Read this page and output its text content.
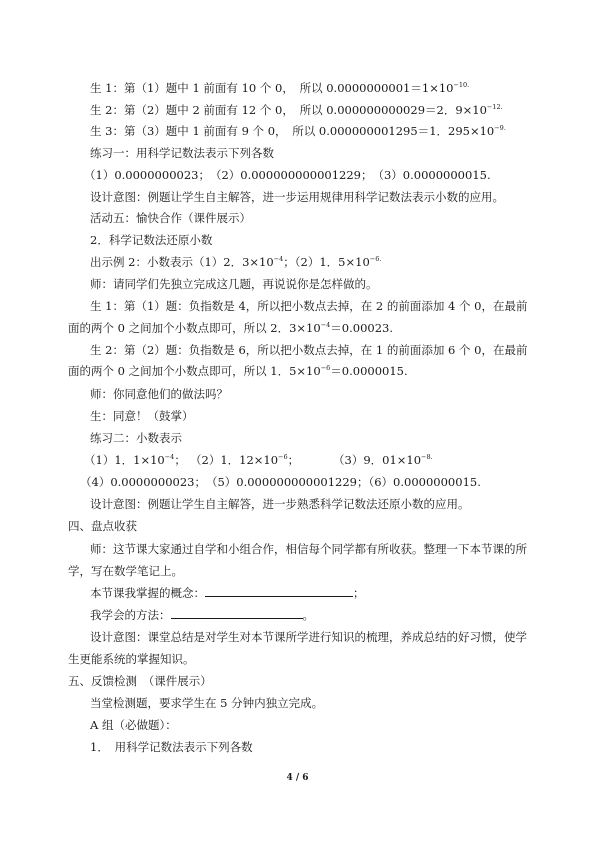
生 1：第（1）题中 1 前面有 10 个 0，　所以 $0.0000000001=1\times 10^{-10.}$
生 2：第（2）题中 2 前面有 12 个 0，　所以 0.000000000029＝2．$9\times 10^{-12.}$
生 3：第（3）题中 1 前面有 9 个 0，　所以 0.000000001295＝1．$295\times 10^{-9.}$
练习一：用科学记数法表示下列各数
（1）0.0000000023；　（2）0.000000000001229；　（3）0.0000000015.
设计意图：例题让学生自主解答，进一步运用规律用科学记数法表示小数的应用。
活动五：愉快合作（课件展示）
2．科学记数法还原小数
出示例 2：小数表示（1）2．$3\times 10^{-4}$；（2）1．$5\times 10^{-6.}$
师：请同学们先独立完成这几题，再说说你是怎样做的。
生 1：第（1）题：负指数是 4，所以把小数点去掉，在 2 的前面添加 4 个 0，在最前
面的两个 0 之间加个小数点即可，所以 2．$3\times 10^{-4}=0.00023$.
生 2：第（2）题：负指数是 6，所以把小数点去掉，在 1 的前面添加 6 个 0，在最前
面的两个 0 之间加个小数点即可，所以 1．$5\times 10^{-6}=0.0000015$.
师：你同意他们的做法吗？
生：同意！（鼓掌）
练习二：小数表示
（1）1．$1\times 10^{-4}$； （2）1．$12\times 10^{-6}$；	（3）9．$01\times 10^{-8.}$
（4）0.0000000023；　（5）0.000000000001229；（6）0.0000000015.
设计意图：例题让学生自主解答，进一步熟悉科学记数法还原小数的应用。
四、盘点收获
师：这节课大家通过自学和小组合作，相信每个同学都有所收获。整理一下本节课的所
学，写在数学笔记上。
本节课我掌握的概念：	；
我学会的方法：	。
设计意图：课堂总结是对学生对本节课所学进行知识的梳理，养成总结的好习惯，使学
生更能系统的掌握知识。
五、反馈检测　（课件展示）
当堂检测题，要求学生在 5 分钟内独立完成。
A 组（必做题）：
1．　用科学记数法表示下列各数
4 / 6
